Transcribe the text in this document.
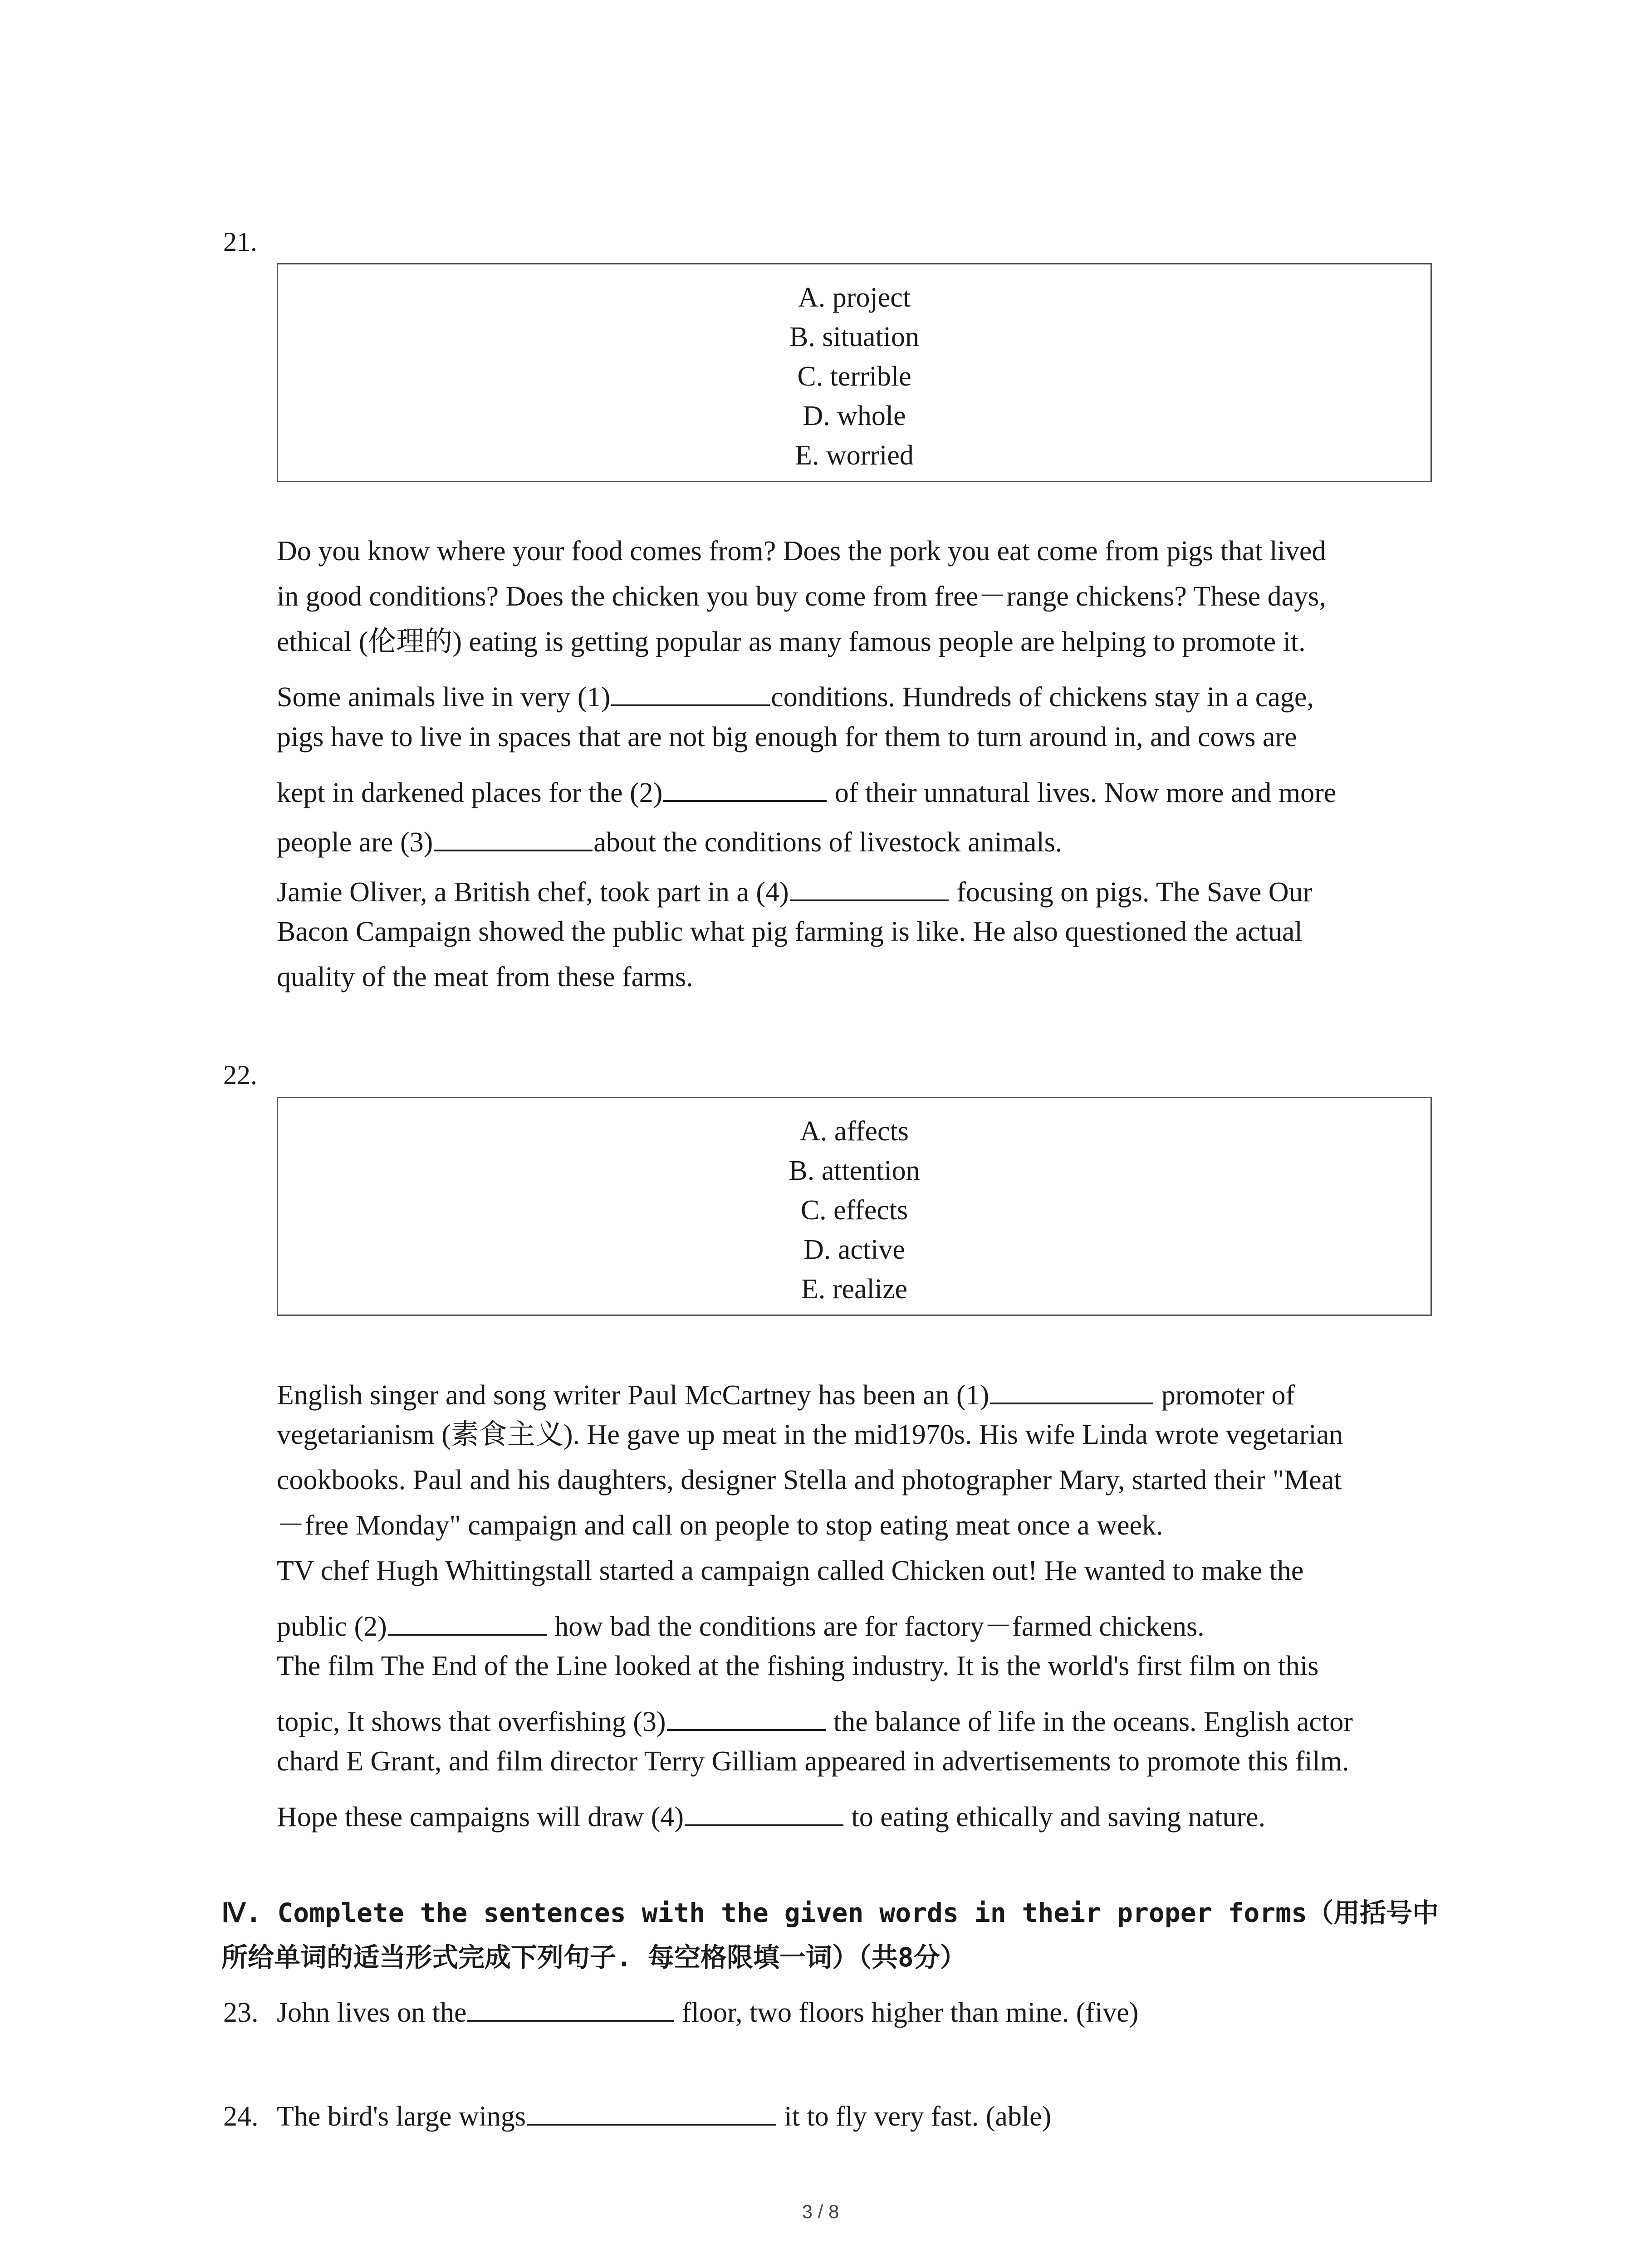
21.
A. project
B. situation
C. terrible
D. whole
E. worried
Do you know where your food comes from? Does the pork you eat come from pigs that lived
in good conditions? Does the chicken you buy come from free－range chickens? These days,
ethical (伦理的) eating is getting popular as many famous people are helping to promote it.
Some animals live in very (1)	conditions. Hundreds of chickens stay in a cage,
pigs have to live in spaces that are not big enough for them to turn around in, and cows are
kept in darkened places for the (2)	of their unnatural lives. Now more and more
people are (3)	about the conditions of livestock animals.
Jamie Oliver, a British chef, took part in a (4)	focusing on pigs. The Save Our
Bacon Campaign showed the public what pig farming is like. He also questioned the actual
quality of the meat from these farms.
22.
A. affects
B. attention
C. effects
D. active
E. realize
English singer and song writer Paul McCartney has been an (1)	promoter of
vegetarianism (素食主义). He gave up meat in the mid1970s. His wife Linda wrote vegetarian
cookbooks. Paul and his daughters, designer Stella and photographer Mary, started their "Meat
－free Monday" campaign and call on people to stop eating meat once a week.
TV chef Hugh Whittingstall started a campaign called Chicken out! He wanted to make the
public (2)	how bad the conditions are for factory－farmed chickens.
The film The End of the Line looked at the fishing industry. It is the world's first film on this
topic, It shows that overfishing (3)	the balance of life in the oceans. English actor
chard E Grant, and film director Terry Gilliam appeared in advertisements to promote this film.
Hope these campaigns will draw (4)	to eating ethically and saving nature.
Ⅳ. Complete the sentences with the given words in their proper forms（用括号中
所给单词的适当形式完成下列句子. 每空格限填一词）（共8分）
23. John lives on the	floor, two floors higher than mine. (five)
24. The bird's large wings	it to fly very fast. (able)
3 / 8
